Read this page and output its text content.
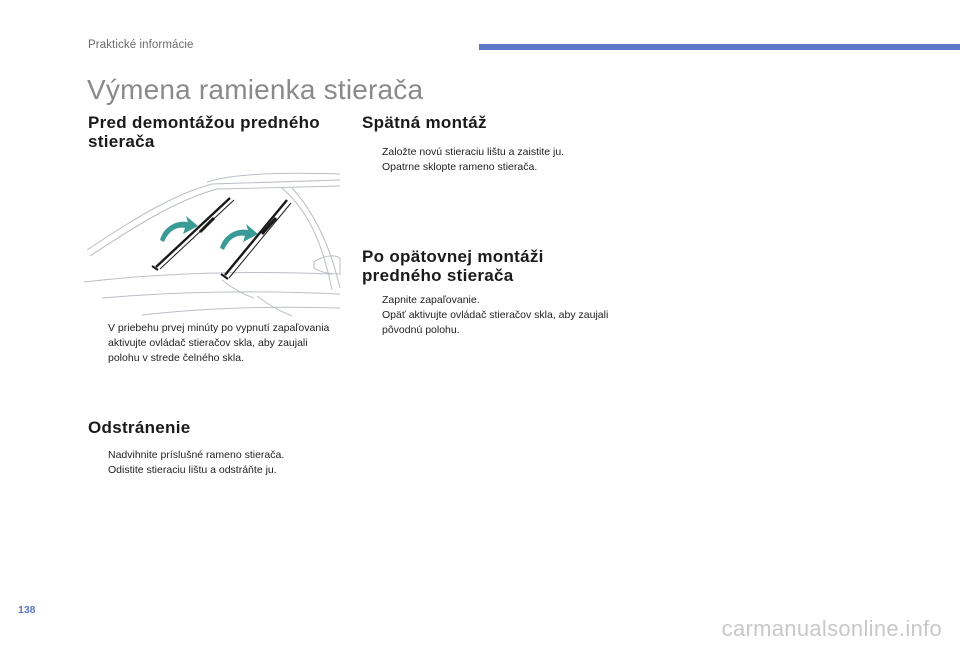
Praktické informácie
Výmena ramienka stierača
Pred demontážou predného stierača
V priebehu prvej minúty po vypnutí zapaľovania aktivujte ovládač stieračov skla, aby zaujali polohu v strede čelného skla.
Odstránenie
Nadvihnite príslušné rameno stierača.
Odistite stieraciu lištu a odstráňte ju.
Spätná montáž
Založte novú stieraciu lištu a zaistite ju.
Opatrne sklopte rameno stierača.
Po opätovnej montáži predného stierača
Zapnite zapaľovanie.
Opäť aktivujte ovládač stieračov skla, aby zaujali pôvodnú polohu.
138
carmanualsonline.info
